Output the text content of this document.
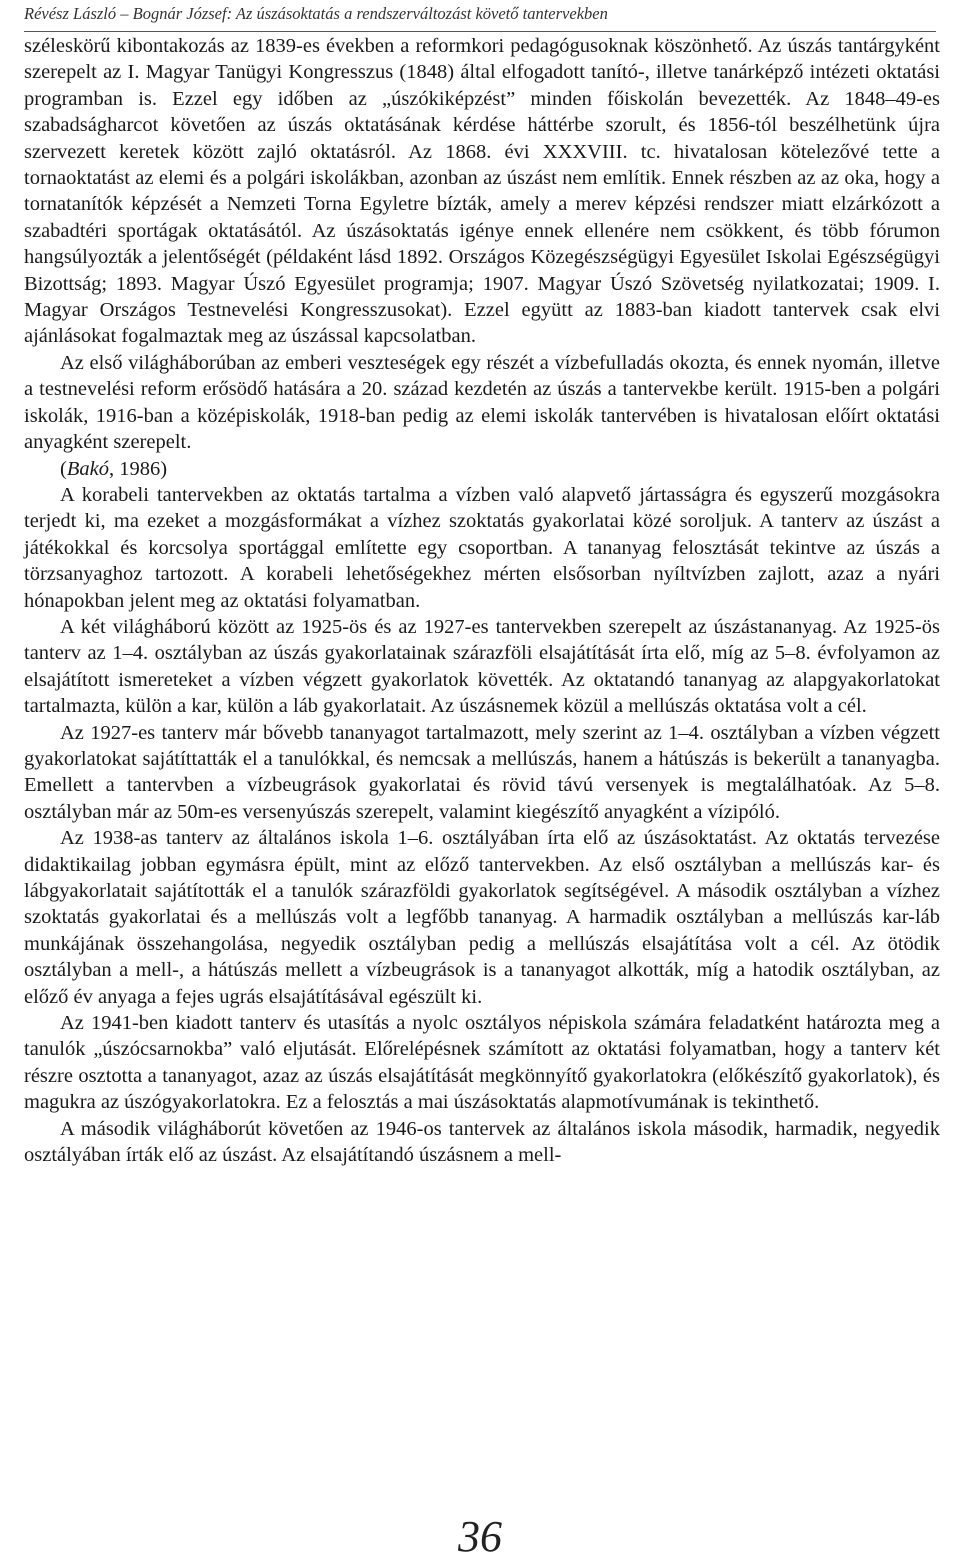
Révész László – Bognár József: Az úszásoktatás a rendszerváltozást követő tantervekben

széleskörű kibontakozás az 1839-es években a reformkori pedagógusoknak köszönhető. Az úszás tantárgyként szerepelt az I. Magyar Tanügyi Kongresszus (1848) által elfogadott tanító-, illetve tanárképző intézeti oktatási programban is. Ezzel egy időben az „úszókiképzést” minden főiskolán bevezették. Az 1848–49-es szabadságharcot követően az úszás oktatásának kérdése háttérbe szorult, és 1856-tól beszélhetünk újra szervezett keretek között zajló oktatásról. Az 1868. évi XXXVIII. tc. hivatalosan kötelezővé tette a tornaoktatást az elemi és a polgári iskolákban, azonban az úszást nem említik. Ennek részben az az oka, hogy a tornatanítók képzését a Nemzeti Torna Egyletre bízták, amely a merev képzési rendszer miatt elzárkózott a szabadtéri sportágak oktatásától. Az úszásoktatás igénye ennek ellenére nem csökkent, és több fórumon hangsúlyozták a jelentőségét (példaként lásd 1892. Országos Közegészségügyi Egyesület Iskolai Egészségügyi Bizottság; 1893. Magyar Úszó Egyesület programja; 1907. Magyar Úszó Szövetség nyilatkozatai; 1909. I. Magyar Országos Testnevelési Kongresszusokat). Ezzel együtt az 1883-ban kiadott tantervek csak elvi ajánlásokat fogalmaztak meg az úszással kapcsolatban.

Az első világháborúban az emberi veszteségek egy részét a vízbefulladás okozta, és ennek nyomán, illetve a testnevelési reform erősödő hatására a 20. század kezdetén az úszás a tantervekbe került. 1915-ben a polgári iskolák, 1916-ban a középiskolák, 1918-ban pedig az elemi iskolák tantervében is hivatalosan előírt oktatási anyagként szerepelt.
(Bakó, 1986)

A korabeli tantervekben az oktatás tartalma a vízben való alapvető jártasságra és egyszerű mozgásokra terjedt ki, ma ezeket a mozgásformákat a vízhez szoktatás gyakorlatai közé soroljuk. A tanterv az úszást a játékokkal és korcsolya sportággal említette egy csoportban. A tananyag felosztását tekintve az úszás a törzsanyaghoz tartozott. A korabeli lehetőségekhez mérten elsősorban nyíltvízben zajlott, azaz a nyári hónapokban jelent meg az oktatási folyamatban.

A két világháború között az 1925-ös és az 1927-es tantervekben szerepelt az úszástananyag. Az 1925-ös tanterv az 1–4. osztályban az úszás gyakorlatainak szárazföli elsajátítását írta elő, míg az 5–8. évfolyamon az elsajátított ismereteket a vízben végzett gyakorlatok követték. Az oktatandó tananyag az alapgyakorlatokat tartalmazta, külön a kar, külön a láb gyakorlatait. Az úszásnemek közül a mellúszás oktatása volt a cél.

Az 1927-es tanterv már bővebb tananyagot tartalmazott, mely szerint az 1–4. osztályban a vízben végzett gyakorlatokat sajátíttatták el a tanulókkal, és nemcsak a mellúszás, hanem a hátúszás is bekerült a tananyagba. Emellett a tantervben a vízbeugrások gyakorlatai és rövid távú versenyek is megtalálhatóak. Az 5–8. osztályban már az 50m-es versenyúszás szerepelt, valamint kiegészítő anyagként a vízipóló.

Az 1938-as tanterv az általános iskola 1–6. osztályában írta elő az úszásoktatást. Az oktatás tervezése didaktikailag jobban egymásra épült, mint az előző tantervekben. Az első osztályban a mellúszás kar- és lábgyakorlatait sajátították el a tanulók szárazföldi gyakorlatok segítségével. A második osztályban a vízhez szoktatás gyakorlatai és a mellúszás volt a legfőbb tananyag. A harmadik osztályban a mellúszás kar-láb munkájának összehangolása, negyedik osztályban pedig a mellúszás elsajátítása volt a cél. Az ötödik osztályban a mell-, a hátúszás mellett a vízbeugrások is a tananyagot alkották, míg a hatodik osztályban, az előző év anyaga a fejes ugrás elsajátításával egészült ki.

Az 1941-ben kiadott tanterv és utasítás a nyolc osztályos népiskola számára feladatként határozta meg a tanulók „úszócsarnokba” való eljutását. Előrelépésnek számított az oktatási folyamatban, hogy a tanterv két részre osztotta a tananyagot, azaz az úszás elsajátítását megkönnyítő gyakorlatokra (előkészítő gyakorlatok), és magukra az úszógyakorlatokra. Ez a felosztás a mai úszásoktatás alapmotívumának is tekinthető.

A második világháborút követően az 1946-os tantervek az általános iskola második, harmadik, negyedik osztályában írták elő az úszást. Az elsajátítandó úszásnem a mell-

36
